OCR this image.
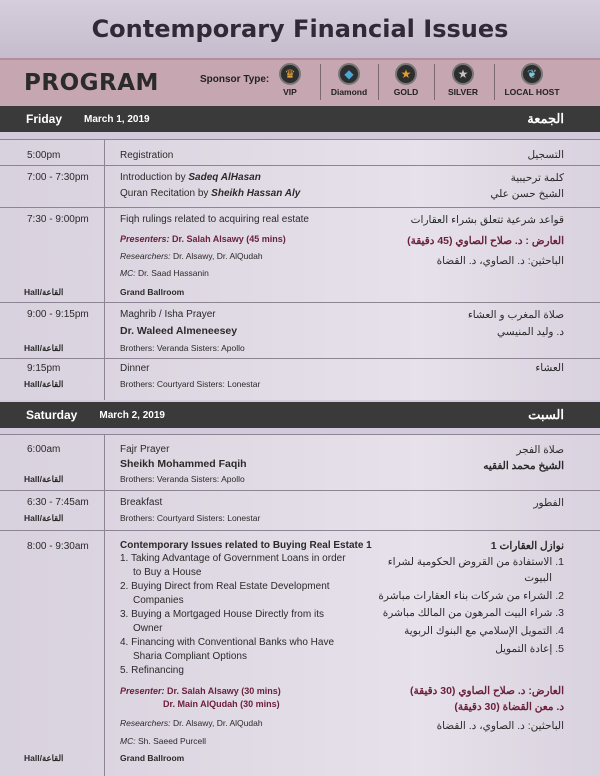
Contemporary Financial Issues
PROGRAM	Sponsor Type:	♛
VIP
◆
Diamond
★
GOLD
★
SILVER
❦
LOCAL HOST
Friday March 1, 2019	الجمعة
5:00pm	Registration	التسجيل
7:00 - 7:30pm	Introduction by Sadeq AlHasan
Quran Recitation by Sheikh Hassan Aly
كلمة ترحيبية
الشيخ حسن علي
7:30 - 9:00pm	Fiqh rulings related to acquiring real estate
Presenters: Dr. Salah Alsawy (45 mins)
Researchers: Dr. Alsawy, Dr. AlQudah
MC: Dr. Saad Hassanin
Hall/القاعة	Grand Ballroom
قواعد شرعية تتعلق بشراء العقارات
العارض : د. صلاح الصاوي (45 دقيقة)
الباحثين: د. الصاوي، د. القضاة
9:00 - 9:15pm	Maghrib / Isha Prayer
Dr. Waleed Almeneesey
Brothers: Veranda Sisters: Apollo
Hall/القاعة
صلاة المغرب و العشاء
د. وليد المنيسي
9:15pm	Dinner
Brothers: Courtyard Sisters: Lonestar
Hall/القاعة
العشاء
Saturday March 2, 2019	السبت
6:00am	Fajr Prayer
Sheikh Mohammed Faqih
Brothers: Veranda Sisters: Apollo
Hall/القاعة
صلاة الفجر
الشيخ محمد الفقيه
6:30 - 7:45am	Breakfast
Brothers: Courtyard Sisters: Lonestar
Hall/القاعة
الفطور
8:00 - 9:30am	Contemporary Issues related to Buying Real Estate 1
1. Taking Advantage of Government Loans in order
to Buy a House
2. Buying Direct from Real Estate Development
Companies
3. Buying a Mortgaged House Directly from its
Owner
4. Financing with Conventional Banks who Have
Sharia Compliant Options
5. Refinancing
Presenter: Dr. Salah Alsawy (30 mins)
Dr. Main AlQudah (30 mins)
Researchers: Dr. Alsawy, Dr. AlQudah
MC: Sh. Saeed Purcell
Hall/القاعة	Grand Ballroom
نوازل العقارات 1
1. الاستفادة من القروض الحكومية لشراء
البيوت
2. الشراء من شركات بناء العقارات مباشرة
3. شراء البيت المرهون من المالك مباشرة
4. التمويل الإسلامي مع البنوك الربوية
5. إعادة التمويل
العارض: د. صلاح الصاوي (30 دقيقة)
د. معن القضاة (30 دقيقة)
الباحثين: د. الصاوي، د. القضاة
